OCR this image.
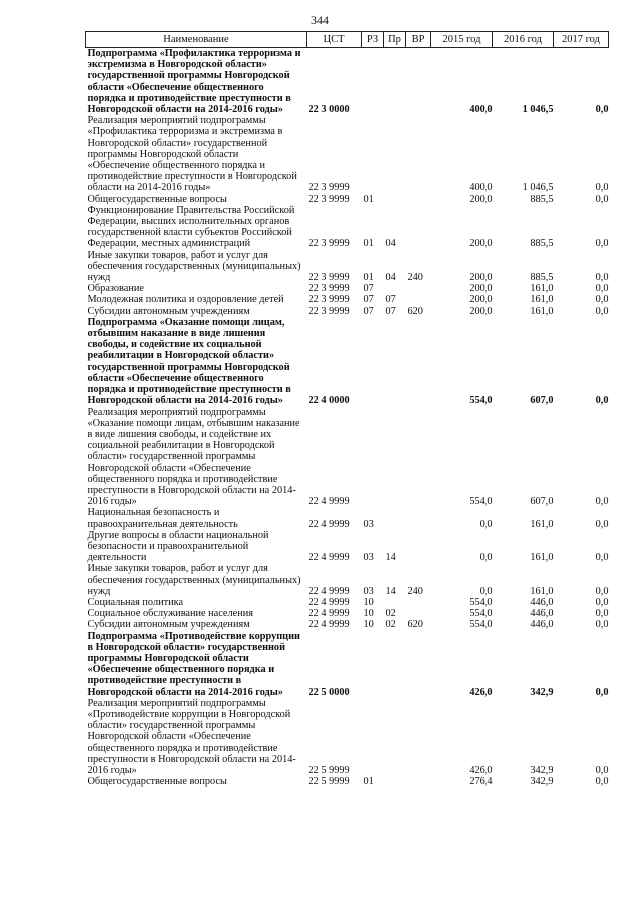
344
Наименование	ЦСТ	РЗ	Пр	ВР	2015 год	2016 год	2017 год
Подпрограмма «Профилактика терроризма и экстремизма в Новгородской области» государственной программы Новгородской области «Обеспечение общественного порядка и противодействие преступности в Новгородской области на 2014-2016 годы»	22 3 0000				400,0	1 046,5	0,0
Реализация мероприятий подпрограммы «Профилактика терроризма и экстремизма в Новгородской области» государственной программы Новгородской области «Обеспечение общественного порядка и противодействие преступности в Новгородской области на 2014-2016 годы»	22 3 9999				400,0	1 046,5	0,0
Общегосударственные вопросы	22 3 9999	01			200,0	885,5	0,0
Функционирование Правительства Российской Федерации, высших исполнительных органов государственной власти субъектов Российской Федерации, местных администраций	22 3 9999	01	04		200,0	885,5	0,0
Иные закупки товаров, работ и услуг для обеспечения государственных (муниципальных) нужд	22 3 9999	01	04	240	200,0	885,5	0,0
Образование	22 3 9999	07			200,0	161,0	0,0
Молодежная политика и оздоровление детей	22 3 9999	07	07		200,0	161,0	0,0
Субсидии автономным учреждениям	22 3 9999	07	07	620	200,0	161,0	0,0
Подпрограмма «Оказание помощи лицам, отбывшим наказание в виде лишения свободы, и содействие их социальной реабилитации в Новгородской области» государственной программы Новгородской области «Обеспечение общественного порядка и противодействие преступности в Новгородской области на 2014-2016 годы»	22 4 0000				554,0	607,0	0,0
Реализация мероприятий подпрограммы «Оказание помощи лицам, отбывшим наказание в виде лишения свободы, и содействие их социальной реабилитации в Новгородской области» государственной программы Новгородской области «Обеспечение общественного порядка и противодействие преступности в Новгородской области на 2014-2016 годы»	22 4 9999				554,0	607,0	0,0
Национальная безопасность и правоохранительная деятельность	22 4 9999	03			0,0	161,0	0,0
Другие вопросы в области национальной безопасности и правоохранительной деятельности	22 4 9999	03	14		0,0	161,0	0,0
Иные закупки товаров, работ и услуг для обеспечения государственных (муниципальных) нужд	22 4 9999	03	14	240	0,0	161,0	0,0
Социальная политика	22 4 9999	10			554,0	446,0	0,0
Социальное обслуживание населения	22 4 9999	10	02		554,0	446,0	0,0
Субсидии автономным учреждениям	22 4 9999	10	02	620	554,0	446,0	0,0
Подпрограмма «Противодействие коррупции в Новгородской области» государственной программы Новгородской области «Обеспечение общественного порядка и противодействие преступности в Новгородской области на 2014-2016 годы»	22 5 0000				426,0	342,9	0,0
Реализация мероприятий подпрограммы «Противодействие коррупции в Новгородской области» государственной программы Новгородской области «Обеспечение общественного порядка и противодействие преступности в Новгородской области на 2014-2016 годы»	22 5 9999				426,0	342,9	0,0
Общегосударственные вопросы	22 5 9999	01			276,4	342,9	0,0
